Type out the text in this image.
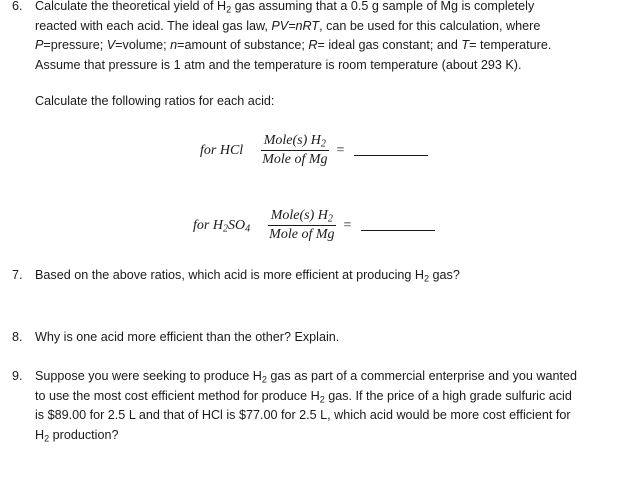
6. Calculate the theoretical yield of $H_2$ gas assuming that a 0.5 g sample of Mg is completely
reacted with each acid. The ideal gas law, PV=nRT, can be used for this calculation, where
P=pressure; V=volume; n=amount of substance; R= ideal gas constant; and T= temperature.
Assume that pressure is 1 atm and the temperature is room temperature (about 293 K).
Calculate the following ratios for each acid:
for HCl $\frac{Mole(s) H_2}{\text{Mole of Mg}}$ =
for $H_2SO_4 \frac{Mole(s) H_2}{\text{Mole of Mg}}$ =
7. Based on the above ratios, which acid is more efficient at producing $H_2$ gas?
8. Why is one acid more efficient than the other? Explain.
9. Suppose you were seeking to produce $H_2$ gas as part of a commercial enterprise and you wanted
to use the most cost efficient method for produce $H_2$ gas. If the price of a high grade sulfuric acid
is $89.00 for 2.5 L and that of HCl is $77.00 for 2.5 L, which acid would be more cost efficient for
$H_2$ production?
